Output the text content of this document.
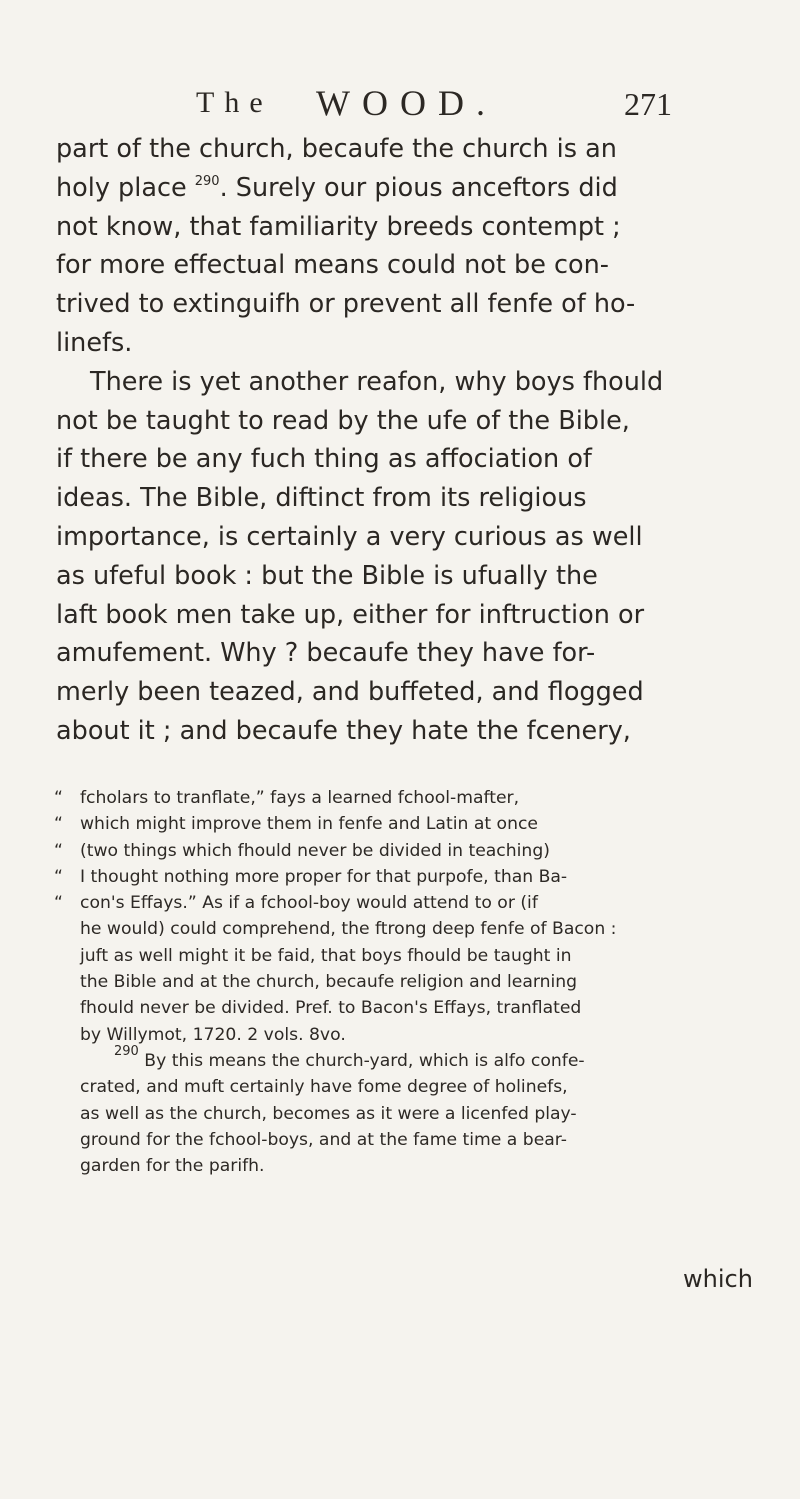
The WOOD.	271
part of the church, becaufe the church is an
holy place $^{290}$. Surely our pious anceftors did
not know, that familiarity breeds contempt ;
for more effectual means could not be con-
trived to extinguifh or prevent all fenfe of ho-
linefs.
There is yet another reafon, why boys fhould
not be taught to read by the ufe of the Bible,
if there be any fuch thing as affociation of
ideas. The Bible, diftinct from its religious
importance, is certainly a very curious as well
as ufeful book : but the Bible is ufually the
laft book men take up, either for inftruction or
amufement. Why ? becaufe they have for-
merly been teazed, and buffeted, and flogged
about it ; and becaufe they hate the fcenery,
“ fcholars to tranflate,” fays a learned fchool-mafter,
“ which might improve them in fenfe and Latin at once
“ (two things which fhould never be divided in teaching)
“ I thought nothing more proper for that purpofe, than Ba-
“ con's Effays.” As if a fchool-boy would attend to or (if
he would) could comprehend, the ftrong deep fenfe of Bacon :
juft as well might it be faid, that boys fhould be taught in
the Bible and at the church, becaufe religion and learning
fhould never be divided. Pref. to Bacon's Effays, tranflated
by Willymot, 1720. 2 vols. 8vo.
$^{290}$ By this means the church-yard, which is alfo confe-
crated, and muft certainly have fome degree of holinefs,
as well as the church, becomes as it were a licenfed play-
ground for the fchool-boys, and at the fame time a bear-
garden for the parifh.
which
